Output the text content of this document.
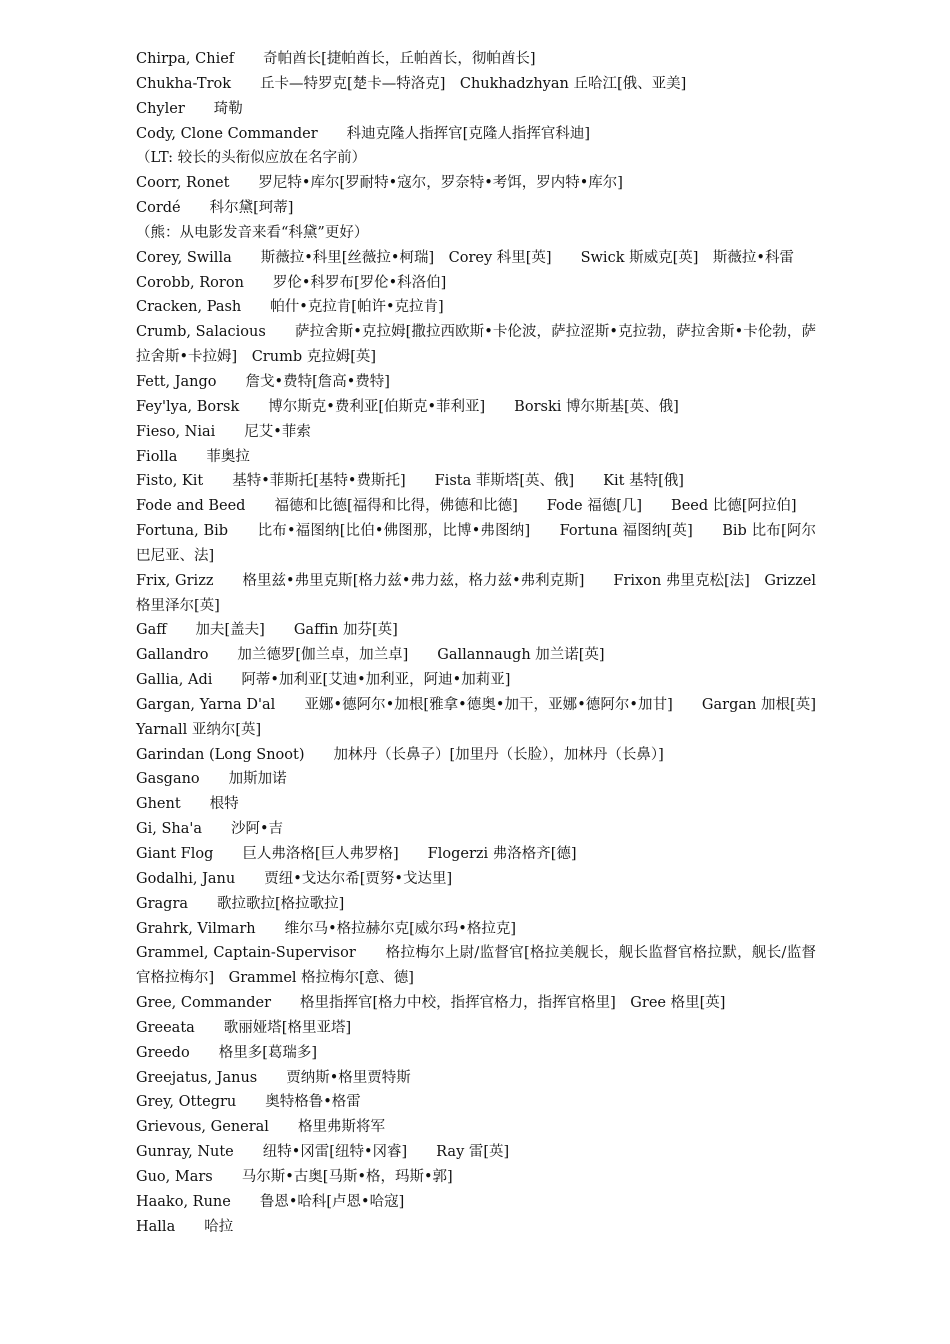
Chirpa, Chief　　奇帕酋长[捷帕酋长，丘帕酋长，彻帕酋长]

Chukha-Trok　　丘卡—特罗克[楚卡—特洛克]　Chukhadzhyan 丘哈江[俄、亚美]

Chyler　　琦勒

Cody, Clone Commander　　科迪克隆人指挥官[克隆人指挥官科迪]

（LT: 较长的头衔似应放在名字前）

Coorr, Ronet　　罗尼特•库尔[罗耐特•寇尔，罗奈特•考饵，罗内特•库尔]

Cordé　　科尔黛[珂蒂]

（熊：从电影发音来看“科黛”更好）

Corey, Swilla　　斯薇拉•科里[丝薇拉•柯瑞]　Corey 科里[英]　　Swick 斯威克[英]　斯薇拉•科雷

Corobb, Roron　　罗伦•科罗布[罗伦•科洛伯]

Cracken, Pash　　帕什•克拉肯[帕许•克拉肯]

Crumb, Salacious　　萨拉舍斯•克拉姆[撒拉西欧斯•卡伦波，萨拉涩斯•克拉勃，萨拉舍斯•卡伦勃，萨拉舍斯•卡拉姆]　Crumb 克拉姆[英]

Fett, Jango　　詹戈•费特[詹高•费特]

Fey'lya, Borsk　　博尔斯克•费利亚[伯斯克•菲利亚]　　Borski 博尔斯基[英、俄]

Fieso, Niai　　尼艾•菲索

Fiolla　　菲奥拉

Fisto, Kit　　基特•菲斯托[基特•费斯托]　　Fista 菲斯塔[英、俄]　　Kit 基特[俄]

Fode and Beed　　福德和比德[福得和比得，佛德和比德]　　Fode 福德[几]　　Beed 比德[阿拉伯]

Fortuna, Bib　　比布•福图纳[比伯•佛图那，比博•弗图纳]　　Fortuna 福图纳[英]　　Bib 比布[阿尔巴尼亚、法]

Frix, Grizz　　格里兹•弗里克斯[格力兹•弗力兹，格力兹•弗利克斯]　　Frixon 弗里克松[法]　Grizzel 格里泽尔[英]

Gaff　　加夫[盖夫]　　Gaffin 加芬[英]

Gallandro　　加兰德罗[伽兰卓，加兰卓]　　Gallannaugh 加兰诺[英]

Gallia, Adi　　阿蒂•加利亚[艾迪•加利亚，阿迪•加莉亚]

Gargan, Yarna D'al　　亚娜•德阿尔•加根[雅拿•德奥•加干，亚娜•德阿尔•加甘]　　Gargan 加根[英]　　Yarnall 亚纳尔[英]

Garindan (Long Snoot)　　加林丹（长鼻子）[加里丹（长脸），加林丹（长鼻）]

Gasgano　　加斯加诺

Ghent　　根特

Gi, Sha'a　　沙阿•吉

Giant Flog　　巨人弗洛格[巨人弗罗格]　　Flogerzi 弗洛格齐[德]

Godalhi, Janu　　贾纽•戈达尔希[贾努•戈达里]

Gragra　　歌拉歌拉[格拉歌拉]

Grahrk, Vilmarh　　维尔马•格拉赫尔克[威尔玛•格拉克]

Grammel, Captain-Supervisor　　格拉梅尔上尉/监督官[格拉美舰长，舰长监督官格拉默，舰长/监督官格拉梅尔]　Grammel 格拉梅尔[意、德]

Gree, Commander　　格里指挥官[格力中校，指挥官格力，指挥官格里]　Gree 格里[英]

Greeata　　歌丽娅塔[格里亚塔]

Greedo　　格里多[葛瑞多]

Greejatus, Janus　　贾纳斯•格里贾特斯

Grey, Ottegru　　奥特格鲁•格雷

Grievous, General　　格里弗斯将军

Gunray, Nute　　纽特•冈雷[纽特•冈睿]　　Ray 雷[英]

Guo, Mars　　马尔斯•古奥[马斯•格，玛斯•郭]

Haako, Rune　　鲁恩•哈科[卢恩•哈寇]

Halla　　哈拉
